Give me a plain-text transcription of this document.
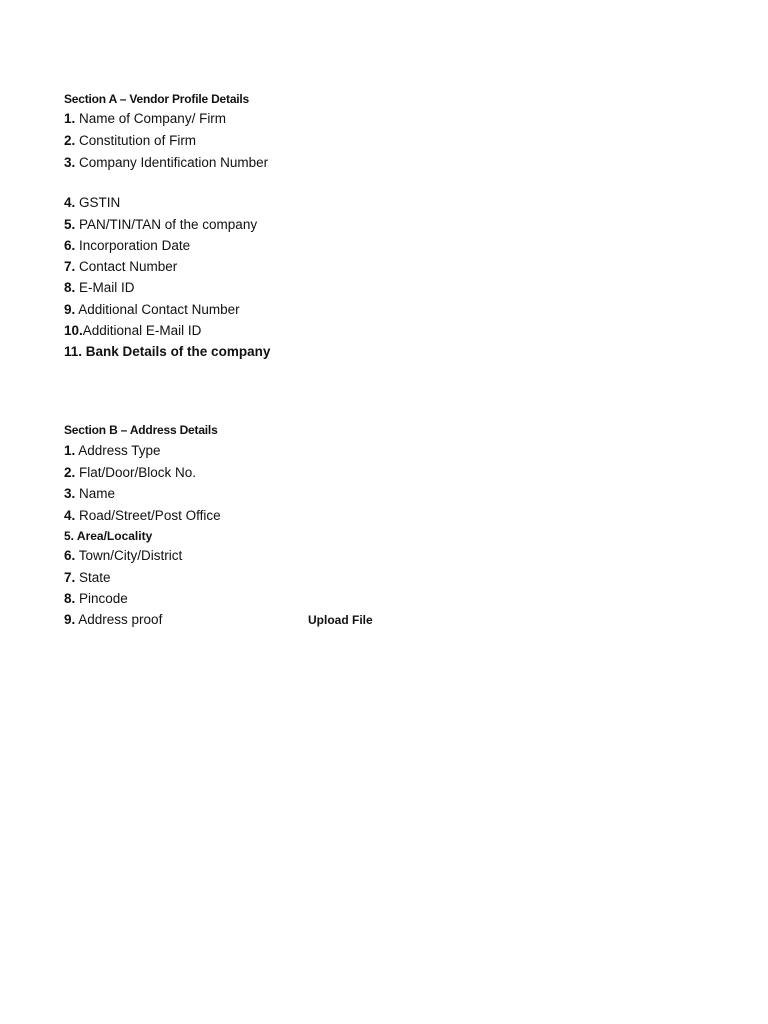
Section A – Vendor Profile Details
1. Name of Company/ Firm
2. Constitution of Firm
3. Company Identification Number
4. GSTIN
5. PAN/TIN/TAN of the company
6. Incorporation Date
7. Contact Number
8. E-Mail ID
9. Additional Contact Number
10.Additional E-Mail ID
11. Bank Details of the company
Section B – Address Details
1. Address Type
2. Flat/Door/Block No.
3. Name
4. Road/Street/Post Office
5. Area/Locality
6. Town/City/District
7. State
8. Pincode
9. Address proof	Upload File
